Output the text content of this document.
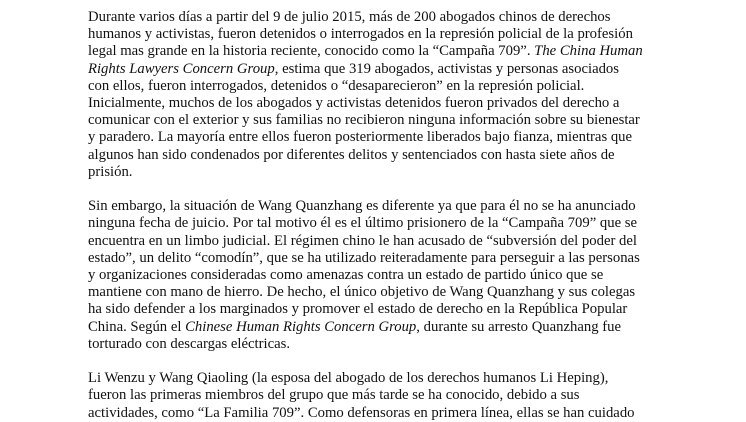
Durante varios días a partir del 9 de julio 2015, más de 200 abogados chinos de derechos
humanos y activistas, fueron detenidos o interrogados en la represión policial de la profesión
legal mas grande en la historia reciente, conocido como la “Campaña 709”. The China Human
Rights Lawyers Concern Group, estima que 319 abogados, activistas y personas asociados
con ellos, fueron interrogados, detenidos o “desaparecieron” en la represión policial.
Inicialmente, muchos de los abogados y activistas detenidos fueron privados del derecho a
comunicar con el exterior y sus familias no recibieron ninguna información sobre su bienestar
y paradero. La mayoría entre ellos fueron posteriormente liberados bajo fianza, mientras que
algunos han sido condenados por diferentes delitos y sentenciados con hasta siete años de
prisión.
Sin embargo, la situación de Wang Quanzhang es diferente ya que para él no se ha anunciado
ninguna fecha de juicio. Por tal motivo él es el último prisionero de la “Campaña 709” que se
encuentra en un limbo judicial. El régimen chino le han acusado de “subversión del poder del
estado”, un delito “comodín”, que se ha utilizado reiteradamente para perseguir a las personas
y organizaciones consideradas como amenazas contra un estado de partido único que se
mantiene con mano de hierro. De hecho, el único objetivo de Wang Quanzhang y sus colegas
ha sido defender a los marginados y promover el estado de derecho en la República Popular
China. Según el Chinese Human Rights Concern Group, durante su arresto Quanzhang fue
torturado con descargas eléctricas.
Li Wenzu y Wang Qiaoling (la esposa del abogado de los derechos humanos Li Heping),
fueron las primeras miembros del grupo que más tarde se ha conocido, debido a sus
actividades, como “La Familia 709”. Como defensoras en primera línea, ellas se han cuidado
